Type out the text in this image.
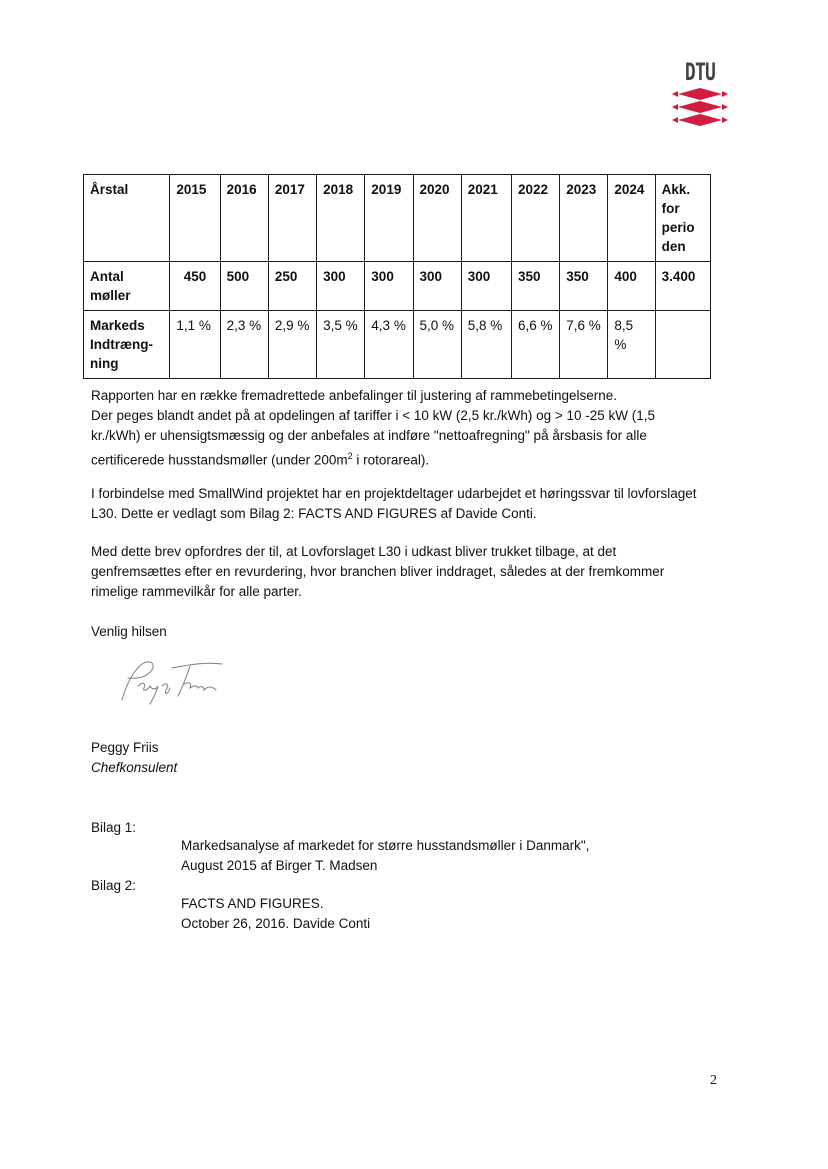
DTU
Årstal	2015	2016	2017	2018	2019	2020	2021	2022	2023	2024	Akk. for perio den
Antal møller	450	500	250	300	300	300	300	350	350	400	3.400
Markeds Indtræng-ning	1,1 %	2,3 %	2,9 %	3,5 %	4,3 %	5,0 %	5,8 %	6,6 %	7,6 %	8,5 %	
Rapporten har en række fremadrettede anbefalinger til justering af rammebetingelserne.
Der peges blandt andet på at opdelingen af tariffer i < 10 kW (2,5 kr./kWh) og > 10 -25 kW (1,5
kr./kWh) er uhensigtsmæssig og der anbefales at indføre "nettoafregning" på årsbasis for alle
certificerede husstandsmøller (under $200m^2$ i rotorareal).
I forbindelse med SmallWind projektet har en projektdeltager udarbejdet et høringssvar til lovforslaget
L30. Dette er vedlagt som Bilag 2: FACTS AND FIGURES af Davide Conti.
Med dette brev opfordres der til, at Lovforslaget L30 i udkast bliver trukket tilbage, at det
genfremsættes efter en revurdering, hvor branchen bliver inddraget, således at der fremkommer
rimelige rammevilkår for alle parter.
Venlig hilsen
Peggy Friis
Chefkonsulent
Bilag 1:
Markedsanalyse af markedet for større husstandsmøller i Danmark",
August 2015 af Birger T. Madsen
Bilag 2:
FACTS AND FIGURES.
October 26, 2016. Davide Conti
2
